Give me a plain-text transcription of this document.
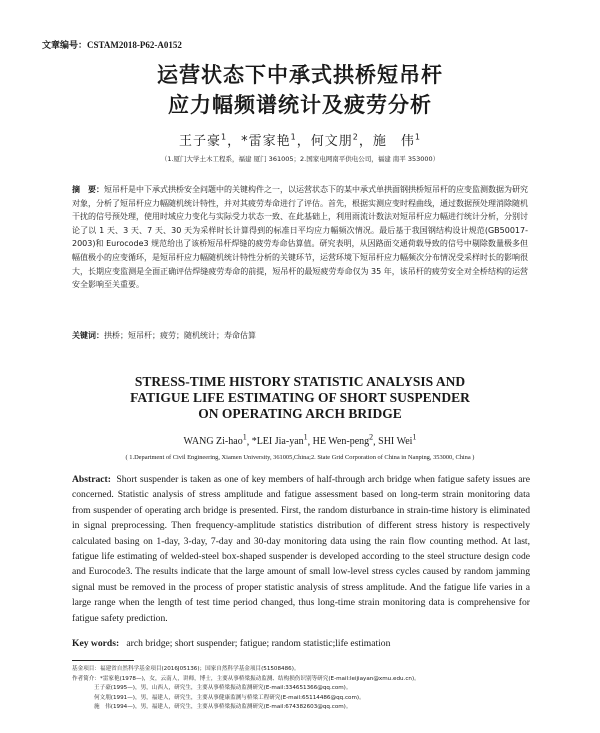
文章编号：CSTAM2018-P62-A0152
运营状态下中承式拱桥短吊杆
应力幅频谱统计及疲劳分析
王子豪$^1$，*雷家艳$^1$，何文朋$^2$，施　伟$^1$
（1.厦门大学土木工程系，福建 厦门 361005；2.国家电网南平供电公司，福建 南平 353000）
摘　要：短吊杆是中下承式拱桥安全问题中的关键构件之一，以运营状态下的某中承式单拱面钢拱桥短吊杆的应变监测数据为研究对象，分析了短吊杆应力幅随机统计特性，并对其疲劳寿命进行了评估。首先，根据实测应变时程曲线，通过数据预处理消除随机干扰的信号预处理，使用时域应力变化与实际受力状态一致、在此基础上，利用雨流计数法对短吊杆应力幅进行统计分析，分别讨论了以 1 天、3 天、7 天、30 天为采样时长计算得到的标准日平均应力幅频次情况。最后基于我国钢结构设计规范(GB50017-2003)和 Eurocode3 规范给出了该桥短吊杆焊缝的疲劳寿命估算值。研究表明，从因路面交通荷载导致的信号中剔除数量极多但幅值极小的应变循环，是短吊杆应力幅随机统计特性分析的关键环节，运营环境下短吊杆应力幅频次分布情况受采样时长的影响很大，长期应变监测是全面正确评估焊缝疲劳寿命的前提，短吊杆的最短疲劳寿命仅为 35 年，该吊杆的疲劳安全对全桥结构的运营安全影响至关重要。
关键词：拱桥；短吊杆；疲劳；随机统计；寿命估算
STRESS-TIME HISTORY STATISTIC ANALYSIS AND
FATIGUE LIFE ESTIMATING OF SHORT SUSPENDER
ON OPERATING ARCH BRIDGE
WANG Zi-hao$^1$, *LEI Jia-yan$^1$, HE Wen-peng$^2$, SHI Wei$^1$
( 1.Department of Civil Engineering, Xiamen University, 361005,China;2. State Grid Corporation of China in Nanping, 353000, China )
Abstract: Short suspender is taken as one of key members of half-through arch bridge when fatigue safety issues are concerned. Statistic analysis of stress amplitude and fatigue assessment based on long-term strain monitoring data from suspender of operating arch bridge is presented. First, the random disturbance in strain-time history is eliminated in signal preprocessing. Then frequency-amplitude statistics distribution of different stress history is respectively calculated basing on 1-day, 3-day, 7-day and 30-day monitoring data using the rain flow counting method. At last, fatigue life estimating of welded-steel box-shaped suspender is developed according to the steel structure design code and Eurocode3. The results indicate that the large amount of small low-level stress cycles caused by random jamming signal must be removed in the process of proper statistic analysis of stress amplitude. And the fatigue life varies in a large range when the length of test time period changed, thus long-time strain monitoring data is comprehensive for fatigue safety prediction.
Key words: arch bridge; short suspender; fatigue; random statistic;life estimation
基金项目：福建省自然科学基金项目(2016J05136)；国家自然科学基金项目(51508486)。
作者简介：*雷家艳(1978—)，女，云南人，讲师，博士，主要从事桥梁振动监测、结构损伤识别等研究(E-mail:leijiayan@xmu.edu.cn)。
王子豪(1995—)，男，山西人，研究生，主要从事桥梁振动监测研究(E-mail:334651366@qq.com)。
何文朋(1991—)，男，福建人，研究生，主要从事健康监测与桥梁工程研究(E-mail:65114486@qq.com)。
施　伟(1994—)，男，福建人，研究生，主要从事桥梁振动监测研究(E-mail:674382603@qq.com)。
